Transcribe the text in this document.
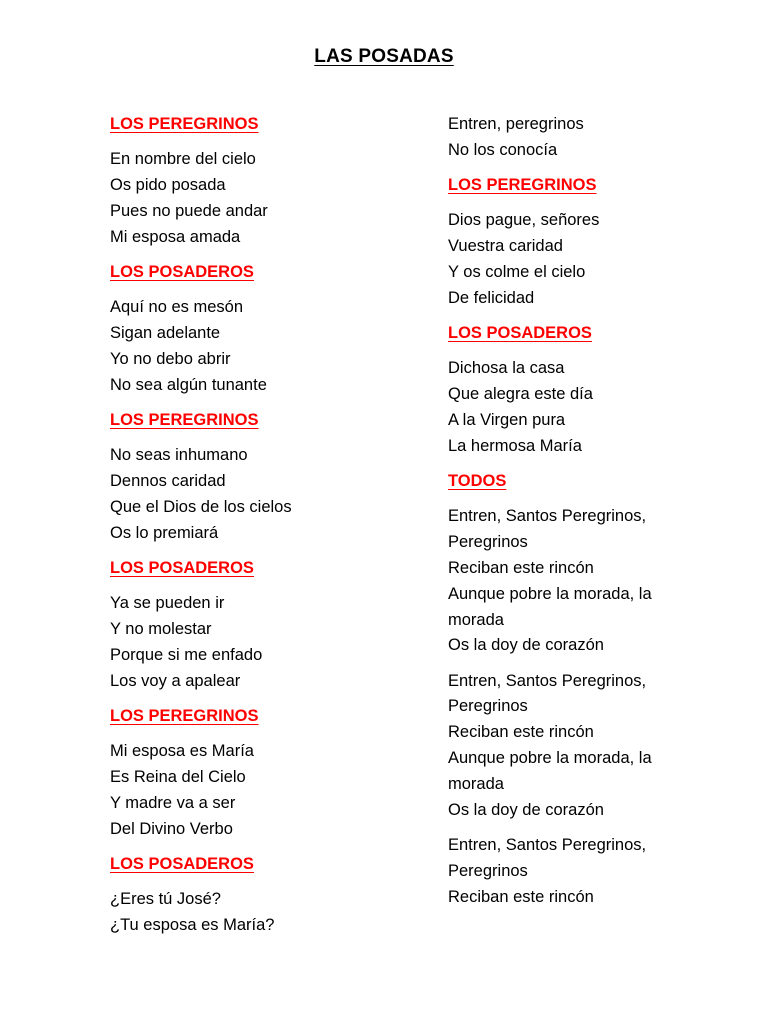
LAS POSADAS
LOS PEREGRINOS
En nombre del cielo
Os pido posada
Pues no puede andar
Mi esposa amada
LOS POSADEROS
Aquí no es mesón
Sigan adelante
Yo no debo abrir
No sea algún tunante
LOS PEREGRINOS
No seas inhumano
Dennos caridad
Que el Dios de los cielos
Os lo premiará
LOS POSADEROS
Ya se pueden ir
Y no molestar
Porque si me enfado
Los voy a apalear
LOS PEREGRINOS
Mi esposa es María
Es Reina del Cielo
Y madre va a ser
Del Divino Verbo
LOS POSADEROS
¿Eres tú José?
¿Tu esposa es María?
Entren, peregrinos
No los conocía
LOS PEREGRINOS
Dios pague, señores
Vuestra caridad
Y os colme el cielo
De felicidad
LOS POSADEROS
Dichosa la casa
Que alegra este día
A la Virgen pura
La hermosa María
TODOS
Entren, Santos Peregrinos,
Peregrinos
Reciban este rincón
Aunque pobre la morada, la
morada
Os la doy de corazón
Entren, Santos Peregrinos,
Peregrinos
Reciban este rincón
Aunque pobre la morada, la
morada
Os la doy de corazón
Entren, Santos Peregrinos,
Peregrinos
Reciban este rincón
